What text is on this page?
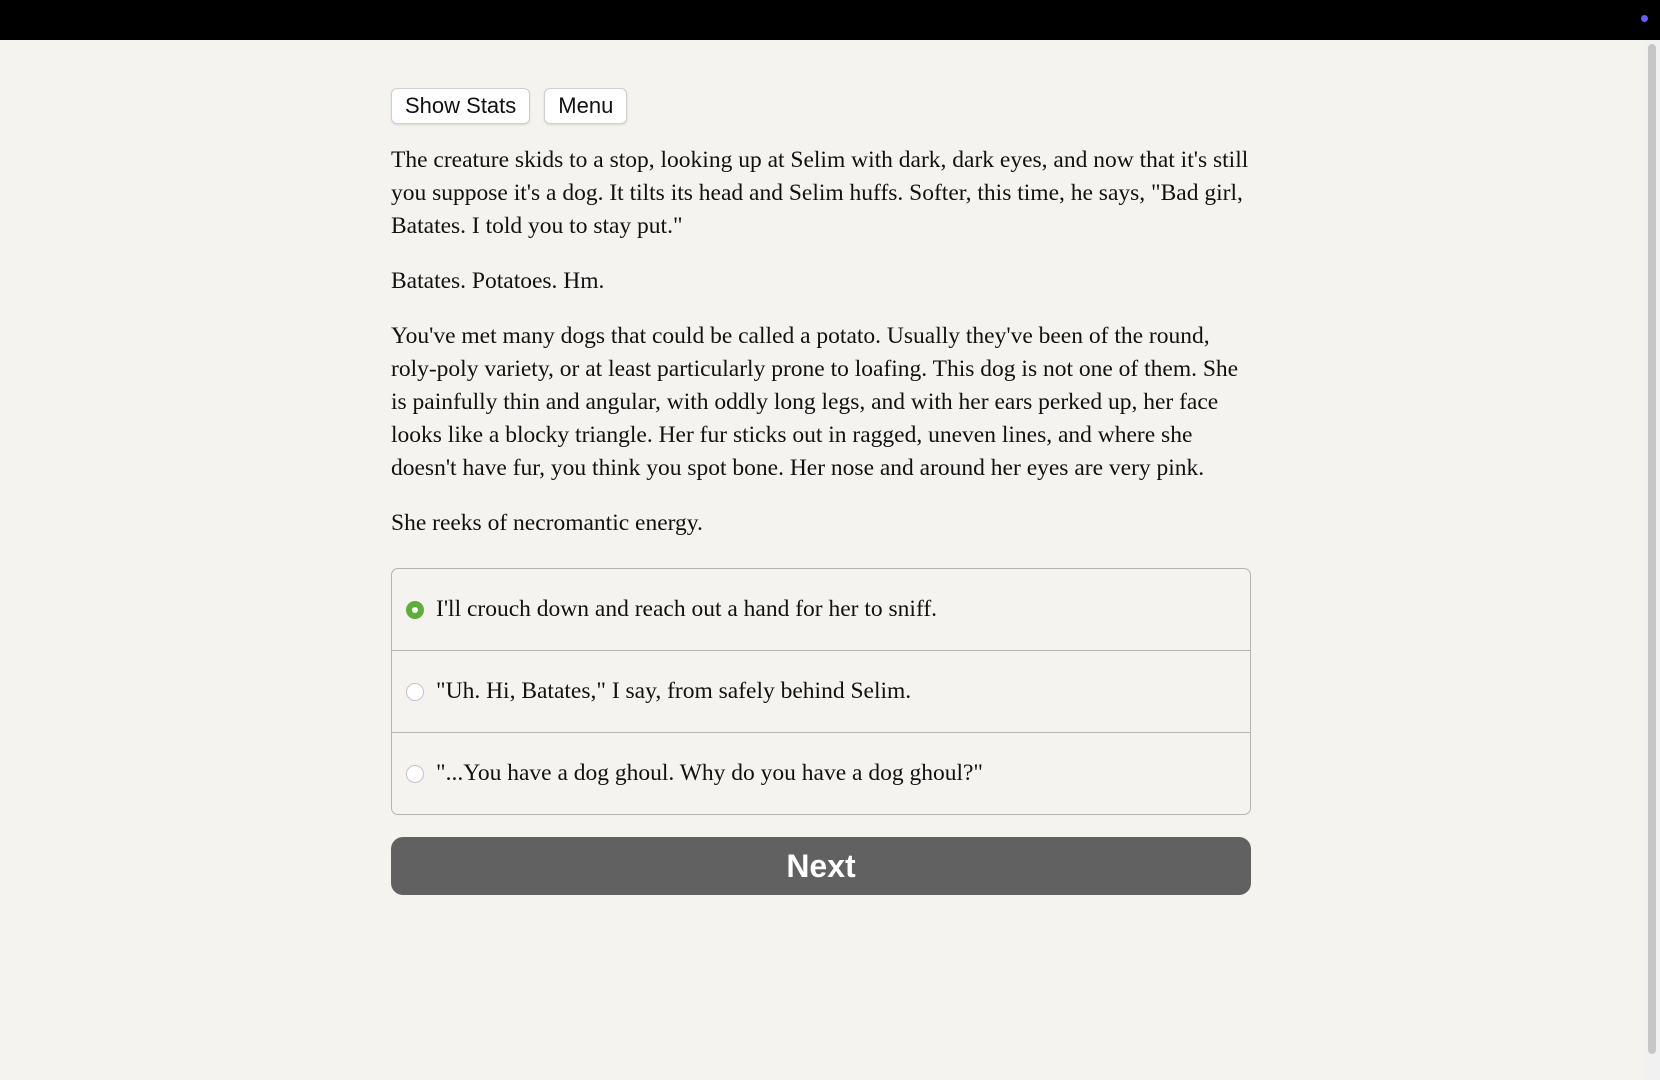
Show Stats	Menu

The creature skids to a stop, looking up at Selim with dark, dark eyes, and now that it's still you suppose it's a dog. It tilts its head and Selim huffs. Softer, this time, he says, "Bad girl, Batates. I told you to stay put."

Batates. Potatoes. Hm.

You've met many dogs that could be called a potato. Usually they've been of the round, roly-poly variety, or at least particularly prone to loafing. This dog is not one of them. She is painfully thin and angular, with oddly long legs, and with her ears perked up, her face looks like a blocky triangle. Her fur sticks out in ragged, uneven lines, and where she doesn't have fur, you think you spot bone. Her nose and around her eyes are very pink.

She reeks of necromantic energy.

I'll crouch down and reach out a hand for her to sniff.
"Uh. Hi, Batates," I say, from safely behind Selim.
"...You have a dog ghoul. Why do you have a dog ghoul?"
Next
